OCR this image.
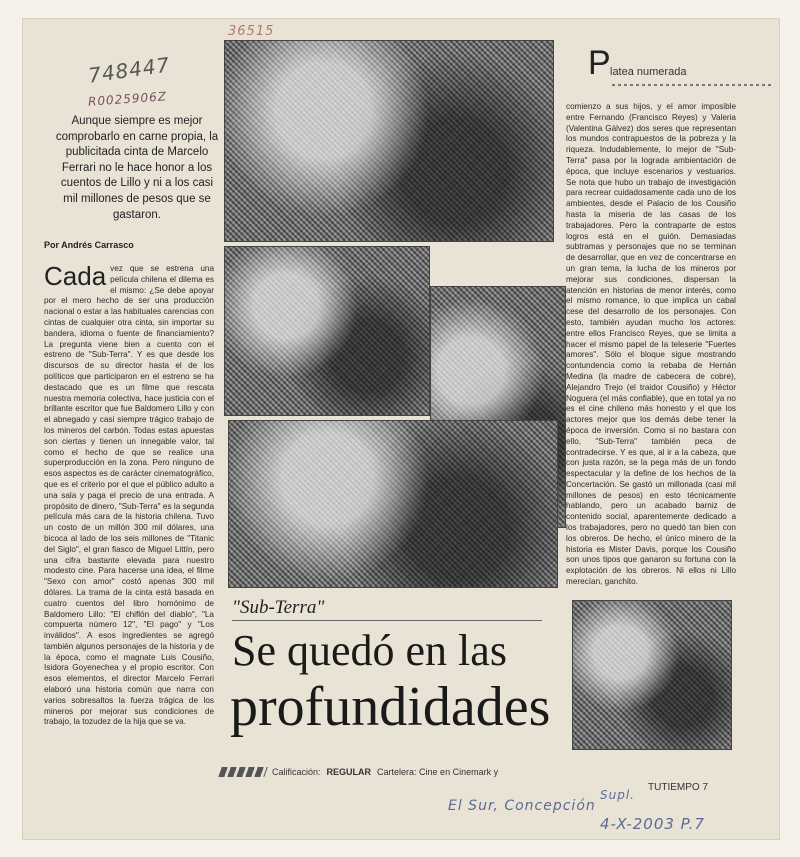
36515
748447
R0025906Z
Aunque siempre es mejor comprobarlo en carne propia, la publicitada cinta de Marcelo Ferrari no le hace honor a los cuentos de Lillo y ni a los casi mil millones de pesos que se gastaron.
Por Andrés Carrasco
Cada vez que se estrena una película chilena el dilema es el mismo: ¿Se debe apoyar por el mero hecho de ser una producción nacional o estar a las habituales carencias con cintas de cualquier otra cinta, sin importar su bandera, idioma o fuente de financiamiento? La pregunta viene bien a cuento con el estreno de "Sub-Terra". Y es que desde los discursos de su director hasta el de los políticos que participaron en el estreno se ha destacado que es un filme que rescata nuestra memoria colectiva, hace justicia con el brillante escritor que fue Baldomero Lillo y con el abnegado y casi siempre trágico trabajo de los mineros del carbón. Todas estas apuestas son ciertas y tienen un innegable valor, tal como el hecho de que se realice una superproducción en la zona. Pero ninguno de esos aspectos es de carácter cinematográfico, que es el criterio por el que el público adulto a una sala y paga el precio de una entrada. A propósito de dinero, "Sub-Terra" es la segunda película más cara de la historia chilena. Tuvo un costo de un millón 300 mil dólares, una bicoca al lado de los seis millones de "Titanic del Siglo", el gran fiasco de Miguel Littín, pero una cifra bastante elevada para nuestro modesto cine. Para hacerse una idea, el filme "Sexo con amor" costó apenas 300 mil dólares. La trama de la cinta está basada en cuatro cuentos del libro homónimo de Baldomero Lillo: "El chiflón del diablo", "La compuerta número 12", "El pago" y "Los inválidos". A esos ingredientes se agregó también algunos personajes de la historia y de la época, como el magnate Luis Cousiño, Isidora Goyenechea y el propio escritor. Con esos elementos, el director Marcelo Ferrari elaboró una historia común que narra con varios sobresaltos la fuerza trágica de los mineros por mejorar sus condiciones de trabajo, la tozudez de la hija que se va.
P latea numerada
comienzo a sus hijos, y el amor imposible entre Fernando (Francisco Reyes) y Valeria (Valentina Gálvez) dos seres que representan los mundos contrapuestos de la pobreza y la riqueza. Indudablemente, lo mejor de "Sub-Terra" pasa por la lograda ambientación de época, que incluye escenarios y vestuarios. Se nota que hubo un trabajo de investigación para recrear cuidadosamente cada uno de los ambientes, desde el Palacio de los Cousiño hasta la miseria de las casas de los trabajadores. Pero la contraparte de estos logros está en el guión. Demasiadas subtramas y personajes que no se terminan de desarrollar, que en vez de concentrarse en un gran tema, la lucha de los mineros por mejorar sus condiciones, dispersan la atención en historias de menor interés, como el mismo romance, lo que implica un cabal cese del desarrollo de los personajes. Con esto, también ayudan mucho los actores: entre ellos Francisco Reyes, que se limita a hacer el mismo papel de la teleserie "Fuertes amores". Sólo el bloque sigue mostrando contundencia como la rebaba de Hernán Medina (la madre de cabecera de cobre), Alejandro Trejo (el traidor Cousiño) y Héctor Noguera (el más confiable), que en total ya no es el cine chileno más honesto y el que los actores mejor que los demás debe tener la época de inversión. Como si no bastara con ello, "Sub-Terra" también peca de contradecirse. Y es que, al ir a la cabeza, que con justa razón, se la pega más de un fondo espectacular y la define de los hechos de la Concertación. Se gastó un millonada (casi mil millones de pesos) en esto técnicamente hablando, pero un acabado barniz de contenido social, aparentemente dedicado a los trabajadores, pero no quedó tan bien con los obreros. De hecho, el único minero de la historia es Mister Davis, porque los Cousiño son unos tipos que ganaron su fortuna con la explotación de los obreros. Ni ellos ni Lillo merecían, ganchito.
"Sub-Terra"
Se quedó en las
profundidades
Calificación: REGULAR Cartelera: Cine en Cinemark y
El Sur, Concepción
Supl.
TUTIEMPO 7
4-X-2003 P.7
